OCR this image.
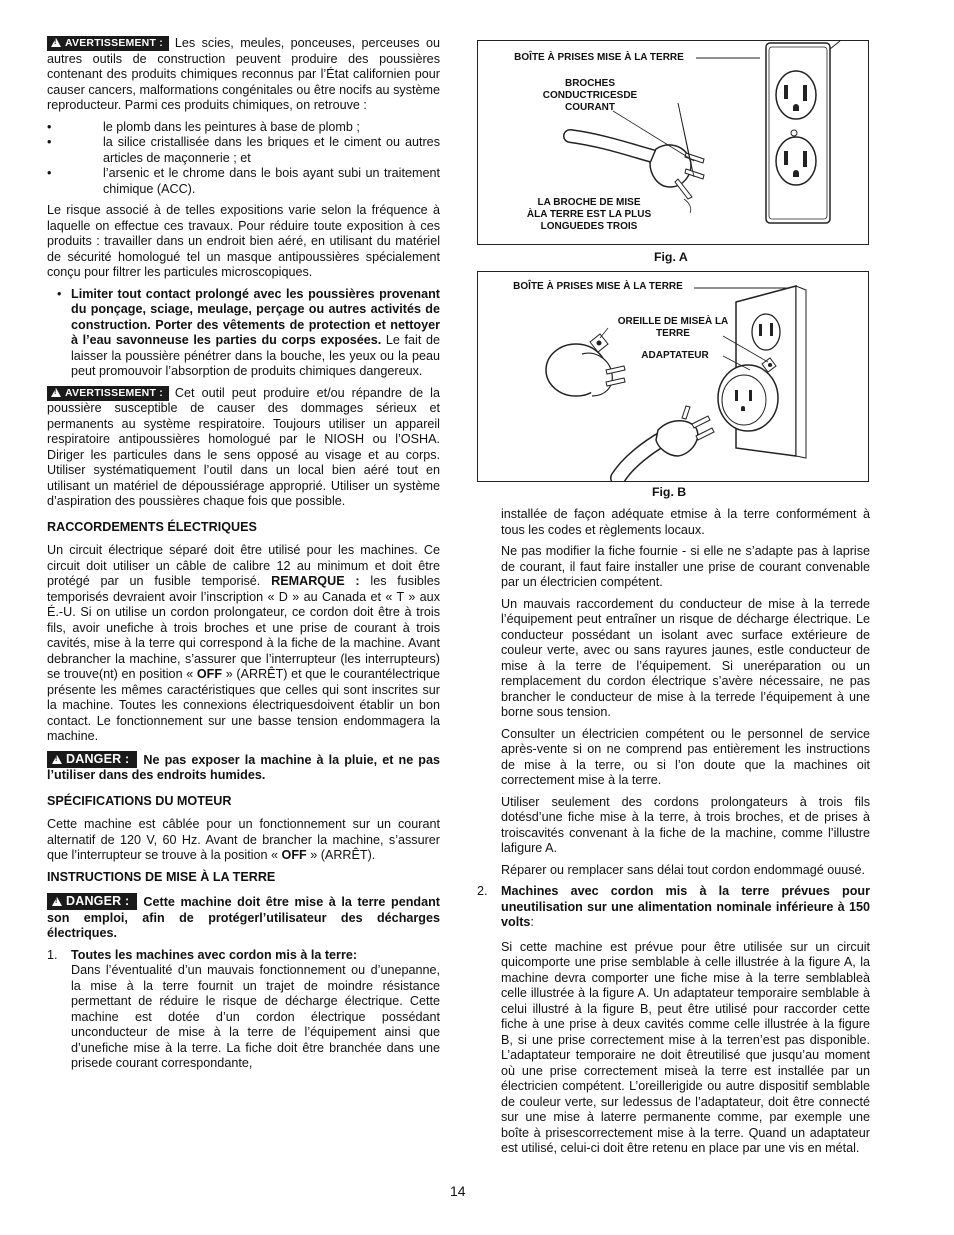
!AVERTISSEMENT : Les scies, meules, ponceuses, perceuses ou autres outils de construction peuvent produire des poussières contenant des produits chimiques reconnus par l’État californien pour causer cancers, malformations congénitales ou être nocifs au système reproducteur. Parmi ces produits chimiques, on retrouve :

• le plomb dans les peintures à base de plomb ;
• la silice cristallisée dans les briques et le ciment ou autres articles de maçonnerie ; et
• l’arsenic et le chrome dans le bois ayant subi un traitement chimique (ACC).

Le risque associé à de telles expositions varie selon la fréquence à laquelle on effectue ces travaux. Pour réduire toute exposition à ces produits : travailler dans un endroit bien aéré, en utilisant du matériel de sécurité homologué tel un masque antipoussières spécialement conçu pour filtrer les particules microscopiques.

• Limiter tout contact prolongé avec les poussières provenant du ponçage, sciage, meulage, perçage ou autres activités de construction. Porter des vêtements de protection et nettoyer à l’eau savonneuse les parties du corps exposées. Le fait de laisser la poussière pénétrer dans la bouche, les yeux ou la peau peut promouvoir l’absorption de produits chimiques dangereux.

!AVERTISSEMENT : Cet outil peut produire et/ou répandre de la poussière susceptible de causer des dommages sérieux et permanents au système respiratoire. Toujours utiliser un appareil respiratoire antipoussières homologué par le NIOSH ou l’OSHA. Diriger les particules dans le sens opposé au visage et au corps. Utiliser systématiquement l’outil dans un local bien aéré tout en utilisant un matériel de dépoussiérage approprié. Utiliser un système d’aspiration des poussières chaque fois que possible.

RACCORDEMENTS ÉLECTRIQUES

Un circuit électrique séparé doit être utilisé pour les machines. Ce circuit doit utiliser un câble de calibre 12 au minimum et doit être protégé par un fusible temporisé. REMARQUE : les fusibles temporisés devraient avoir l’inscription « D » au Canada et « T » aux É.-U. Si on utilise un cordon prolongateur, ce cordon doit être à trois fils, avoir unefiche à trois broches et une prise de courant à trois cavités, mise à la terre qui correspond à la fiche de la machine. Avant debrancher la machine, s’assurer que l’interrupteur (les interrupteurs) se trouve(nt) en position « OFF » (ARRÊT) et que le courantélectrique présente les mêmes caractéristiques que celles qui sont inscrites sur la machine. Toutes les connexions électriquesdoivent établir un bon contact. Le fonctionnement sur une basse tension endommagera la machine.

!DANGER : Ne pas exposer la machine à la pluie, et ne pas l’utiliser dans des endroits humides.

SPÉCIFICATIONS DU MOTEUR

Cette machine est câblée pour un fonctionnement sur un courant alternatif de 120 V, 60 Hz. Avant de brancher la machine, s’assurer que l’interrupteur se trouve à la position « OFF » (ARRÊT).

INSTRUCTIONS DE MISE À LA TERRE

!DANGER : Cette machine doit être mise à la terre pendant son emploi, afin de protégerl’utilisateur des décharges électriques.

1. Toutes les machines avec cordon mis à la terre:

Dans l’éventualité d’un mauvais fonctionnement ou d’unepanne, la mise à la terre fournit un trajet de moindre résistance permettant de réduire le risque de décharge électrique. Cette machine est dotée d’un cordon électrique possédant unconducteur de mise à la terre de l’équipement ainsi que d’unefiche mise à la terre. La fiche doit être branchée dans une prisede courant correspondante,

BOÎTE À PRISES MISE À LA TERRE
BROCHES
CONDUCTRICESDE
COURANT
LA BROCHE DE MISE
ÀLA TERRE EST LA PLUS
LONGUEDES TROIS
Fig. A
BOÎTE À PRISES MISE À LA TERRE
OREILLE DE MISEÀ LA
TERRE
ADAPTATEUR
Fig. B

installée de façon adéquate etmise à la terre conformément à tous les codes et règlements locaux.

Ne pas modifier la fiche fournie - si elle ne s’adapte pas à laprise de courant, il faut faire installer une prise de courant convenable par un électricien compétent.

Un mauvais raccordement du conducteur de mise à la terrede l’équipement peut entraîner un risque de décharge électrique. Le conducteur possédant un isolant avec surface extérieure de couleur verte, avec ou sans rayures jaunes, estle conducteur de mise à la terre de l’équipement. Si uneréparation ou un remplacement du cordon électrique s’avère nécessaire, ne pas brancher le conducteur de mise à la terrede l’équipement à une borne sous tension.

Consulter un électricien compétent ou le personnel de service après-vente si on ne comprend pas entièrement les instructions de mise à la terre, ou si l’on doute que la machines oit correctement mise à la terre.

Utiliser seulement des cordons prolongateurs à trois fils dotésd’une fiche mise à la terre, à trois broches, et de prises à troiscavités convenant à la fiche de la machine, comme l’illustre lafigure A.

Réparer ou remplacer sans délai tout cordon endommagé ouusé.

2. Machines avec cordon mis à la terre prévues pour uneutilisation sur une alimentation nominale inférieure à 150 volts:

Si cette machine est prévue pour être utilisée sur un circuit quicomporte une prise semblable à celle illustrée à la figure A, la machine devra comporter une fiche mise à la terre semblableà celle illustrée à la figure A. Un adaptateur temporaire semblable à celui illustré à la figure B, peut être utilisé pour raccorder cette fiche à une prise à deux cavités comme celle illustrée à la figure B, si une prise correctement mise à la terren’est pas disponible. L’adaptateur temporaire ne doit êtreutilisé que jusqu’au moment où une prise correctement miseà la terre est installée par un électricien compétent. L’oreillerigide ou autre dispositif semblable de couleur verte, sur ledessus de l’adaptateur, doit être connecté sur une mise à laterre permanente comme, par exemple une boîte à prisescorrectement mise à la terre. Quand un adaptateur est utilisé, celui-ci doit être retenu en place par une vis en métal.

14
